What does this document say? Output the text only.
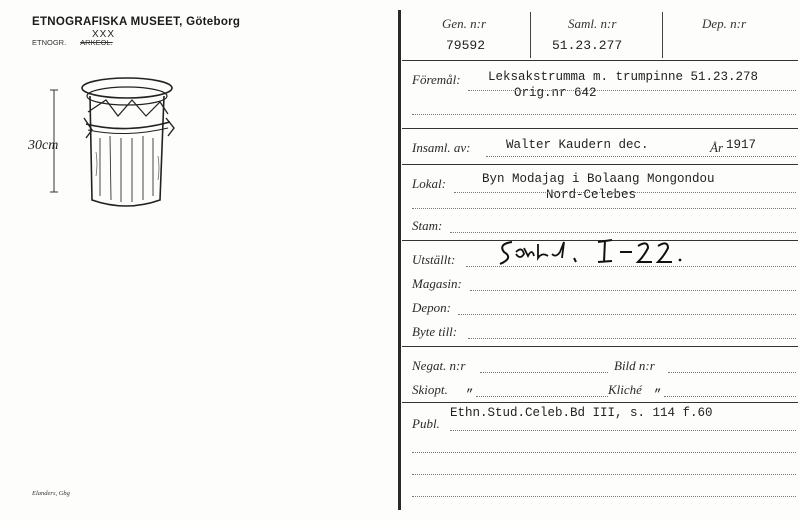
ETNOGRAFISKA MUSEET, Göteborg
ETNOGR. ARKEOL.
XXX
30cm
Elanders, Gbg
Gen. n:r
79592
Saml. n:r
51.23.277
Dep. n:r
Föremål: Leksakstrumma m. trumpinne 51.23.278
Orig.nr 642
Insaml. av:	Walter Kaudern dec.	År 1917
Lokal:	Byn Modajag i Bolaang Mongondou
Nord-Celebes
Stam:
Utställt:
Magasin:
Depon:
Byte till:
Negat. n:r	Bild n:r
Skiopt. „	Kliché „
Publ.
Ethn.Stud.Celeb.Bd III, s. 114 f.60
